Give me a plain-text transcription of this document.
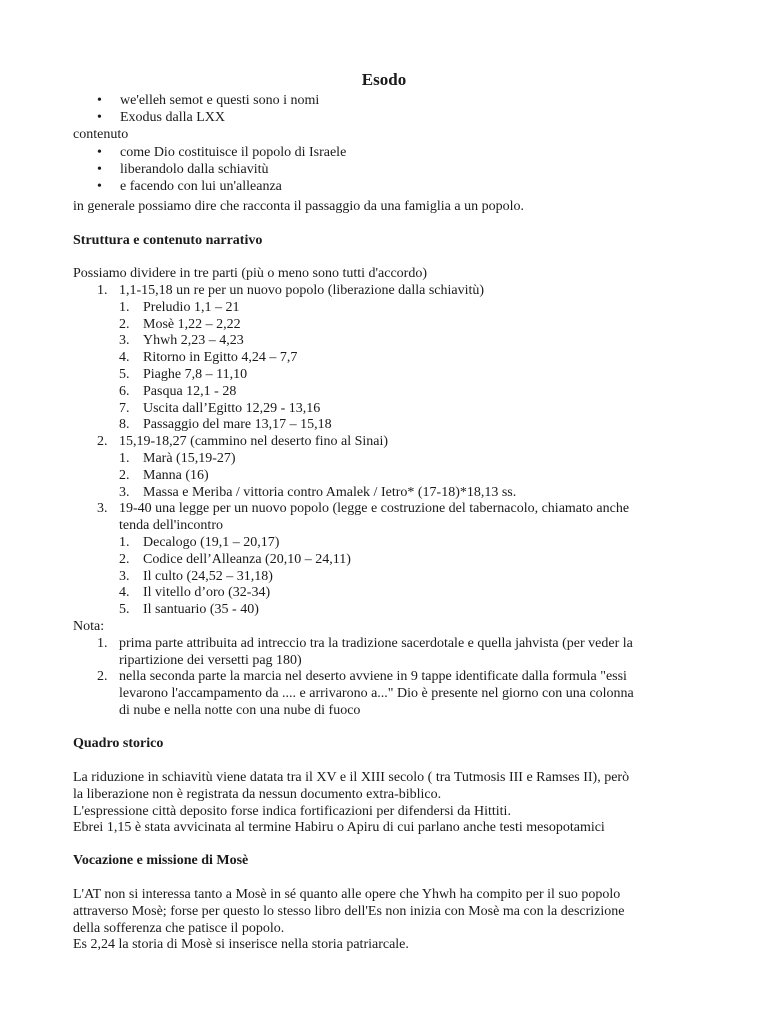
Esodo
•	we'elleh semot e questi sono i nomi
•	Exodus dalla LXX
contenuto
•	come Dio costituisce il popolo di Israele
•	liberandolo dalla schiavitù
•	e facendo con lui un'alleanza
in generale possiamo dire che racconta il passaggio da una famiglia a un popolo.
Struttura e contenuto narrativo
Possiamo dividere in tre parti (più o meno sono tutti d'accordo)
1. 1,1-15,18 un re per un nuovo popolo (liberazione dalla schiavitù)
1. Preludio 1,1 – 21
2. Mosè 1,22 – 2,22
3. Yhwh 2,23 – 4,23
4. Ritorno in Egitto 4,24 – 7,7
5. Piaghe 7,8 – 11,10
6. Pasqua 12,1 - 28
7. Uscita dall’Egitto 12,29 - 13,16
8. Passaggio del mare 13,17 – 15,18
2. 15,19-18,27 (cammino nel deserto fino al Sinai)
1. Marà (15,19-27)
2. Manna (16)
3. Massa e Meriba / vittoria contro Amalek / Ietro* (17-18)*18,13 ss.
3. 19-40 una legge per un nuovo popolo (legge e costruzione del tabernacolo, chiamato anche
tenda dell'incontro
1. Decalogo (19,1 – 20,17)
2. Codice dell’Alleanza (20,10 – 24,11)
3. Il culto (24,52 – 31,18)
4. Il vitello d’oro (32-34)
5. Il santuario (35 - 40)
Nota:
1. prima parte attribuita ad intreccio tra la tradizione sacerdotale e quella jahvista (per veder la
ripartizione dei versetti pag 180)
2. nella seconda parte la marcia nel deserto avviene in 9 tappe identificate dalla formula "essi
levarono l'accampamento da .... e arrivarono a..." Dio è presente nel giorno con una colonna
di nube e nella notte con una nube di fuoco
Quadro storico
La riduzione in schiavitù viene datata tra il XV e il XIII secolo ( tra Tutmosis III e Ramses II), però
la liberazione non è registrata da nessun documento extra-biblico.
L'espressione città deposito forse indica fortificazioni per difendersi da Hittiti.
Ebrei 1,15 è stata avvicinata al termine Habiru o Apiru di cui parlano anche testi mesopotamici
Vocazione e missione di Mosè
L'AT non si interessa tanto a Mosè in sé quanto alle opere che Yhwh ha compito per il suo popolo
attraverso Mosè; forse per questo lo stesso libro dell'Es non inizia con Mosè ma con la descrizione
della sofferenza che patisce il popolo.
Es 2,24 la storia di Mosè si inserisce nella storia patriarcale.
